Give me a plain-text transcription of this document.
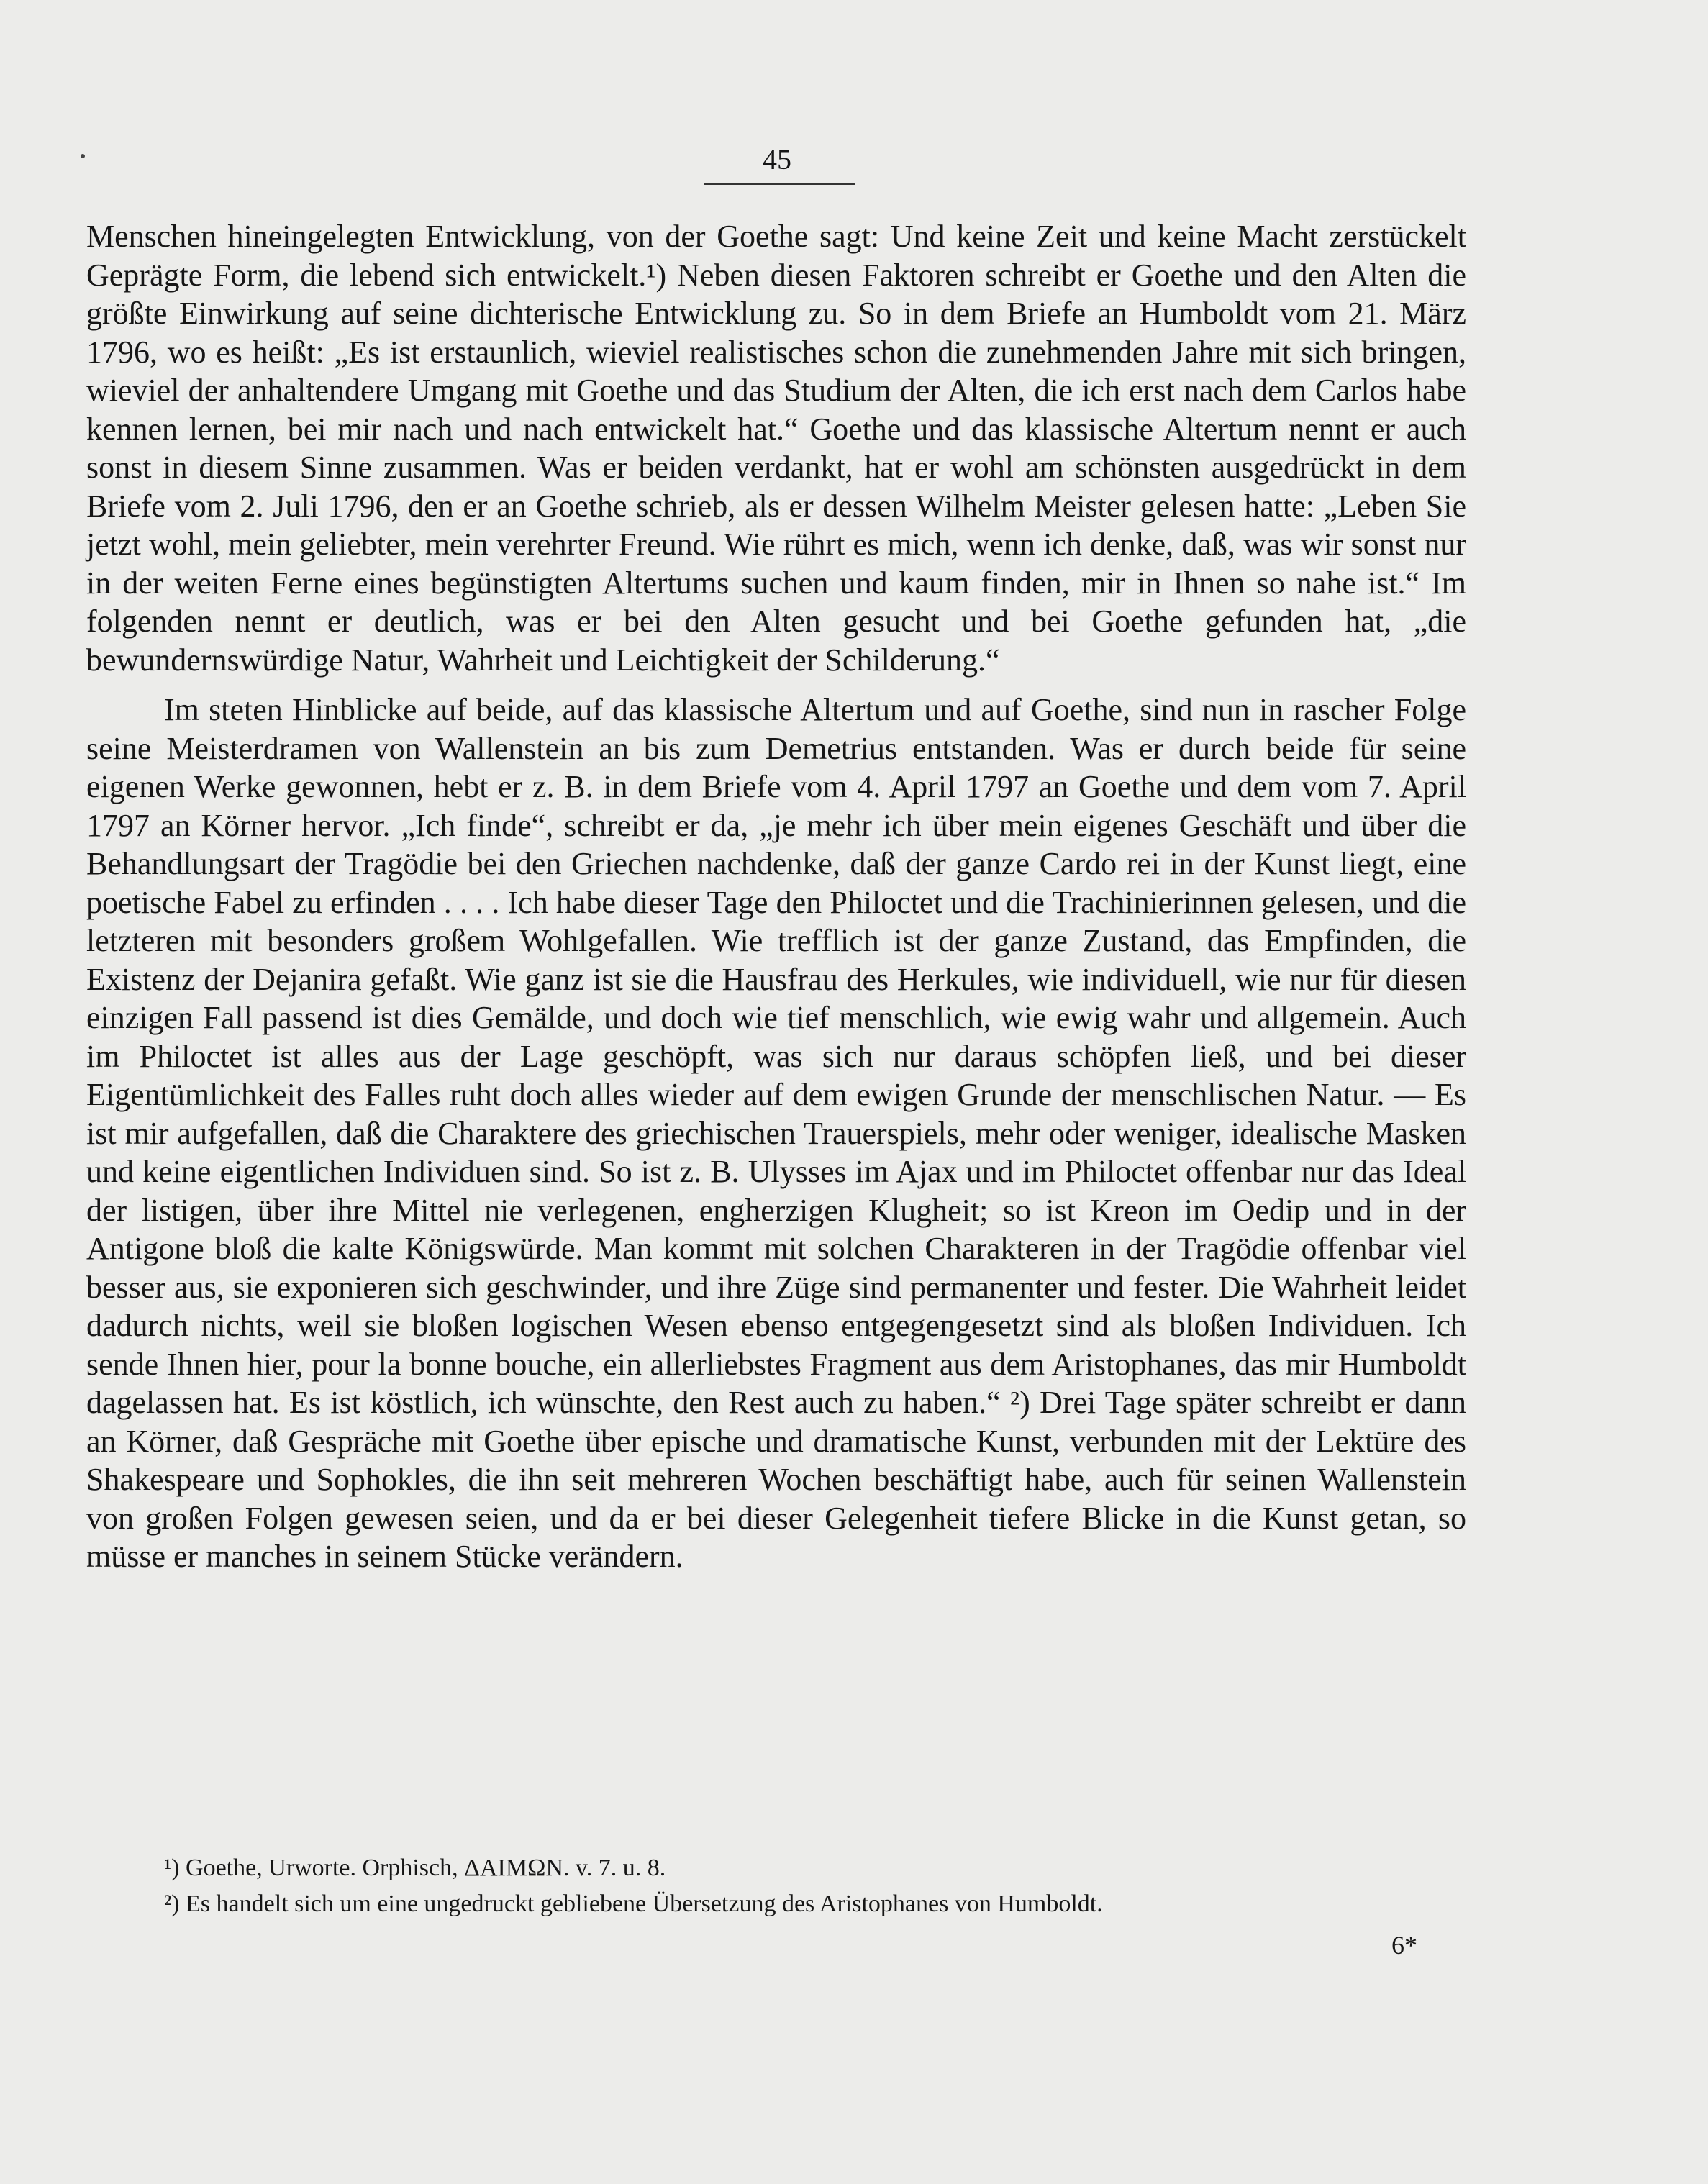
45

Menschen hineingelegten Entwicklung, von der Goethe sagt: Und keine Zeit und keine Macht zerstückelt Geprägte Form, die lebend sich entwickelt.¹) Neben diesen Faktoren schreibt er Goethe und den Alten die größte Einwirkung auf seine dichterische Entwicklung zu. So in dem Briefe an Humboldt vom 21. März 1796, wo es heißt: „Es ist erstaunlich, wieviel realistisches schon die zunehmenden Jahre mit sich bringen, wieviel der anhaltendere Umgang mit Goethe und das Studium der Alten, die ich erst nach dem Carlos habe kennen lernen, bei mir nach und nach entwickelt hat.“ Goethe und das klassische Altertum nennt er auch sonst in diesem Sinne zusammen. Was er beiden verdankt, hat er wohl am schönsten ausgedrückt in dem Briefe vom 2. Juli 1796, den er an Goethe schrieb, als er dessen Wilhelm Meister gelesen hatte: „Leben Sie jetzt wohl, mein geliebter, mein verehrter Freund. Wie rührt es mich, wenn ich denke, daß, was wir sonst nur in der weiten Ferne eines begünstigten Altertums suchen und kaum finden, mir in Ihnen so nahe ist.“ Im folgenden nennt er deutlich, was er bei den Alten gesucht und bei Goethe gefunden hat, „die bewundernswürdige Natur, Wahrheit und Leichtigkeit der Schilderung.“

Im steten Hinblicke auf beide, auf das klassische Altertum und auf Goethe, sind nun in rascher Folge seine Meisterdramen von Wallenstein an bis zum Demetrius entstanden. Was er durch beide für seine eigenen Werke gewonnen, hebt er z. B. in dem Briefe vom 4. April 1797 an Goethe und dem vom 7. April 1797 an Körner hervor. „Ich finde“, schreibt er da, „je mehr ich über mein eigenes Geschäft und über die Behandlungsart der Tragödie bei den Griechen nachdenke, daß der ganze Cardo rei in der Kunst liegt, eine poetische Fabel zu erfinden . . . . Ich habe dieser Tage den Philoctet und die Trachinierinnen gelesen, und die letzteren mit besonders großem Wohlgefallen. Wie trefflich ist der ganze Zustand, das Empfinden, die Existenz der Dejanira gefaßt. Wie ganz ist sie die Hausfrau des Herkules, wie individuell, wie nur für diesen einzigen Fall passend ist dies Gemälde, und doch wie tief menschlich, wie ewig wahr und allgemein. Auch im Philoctet ist alles aus der Lage geschöpft, was sich nur daraus schöpfen ließ, und bei dieser Eigentümlichkeit des Falles ruht doch alles wieder auf dem ewigen Grunde der menschlischen Natur. — Es ist mir aufgefallen, daß die Charaktere des griechischen Trauerspiels, mehr oder weniger, idealische Masken und keine eigentlichen Individuen sind. So ist z. B. Ulysses im Ajax und im Philoctet offenbar nur das Ideal der listigen, über ihre Mittel nie verlegenen, engherzigen Klugheit; so ist Kreon im Oedip und in der Antigone bloß die kalte Königswürde. Man kommt mit solchen Charakteren in der Tragödie offenbar viel besser aus, sie exponieren sich geschwinder, und ihre Züge sind permanenter und fester. Die Wahrheit leidet dadurch nichts, weil sie bloßen logischen Wesen ebenso entgegengesetzt sind als bloßen Individuen. Ich sende Ihnen hier, pour la bonne bouche, ein allerliebstes Fragment aus dem Aristophanes, das mir Humboldt dagelassen hat. Es ist köstlich, ich wünschte, den Rest auch zu haben.“ ²) Drei Tage später schreibt er dann an Körner, daß Gespräche mit Goethe über epische und dramatische Kunst, verbunden mit der Lektüre des Shakespeare und Sophokles, die ihn seit mehreren Wochen beschäftigt habe, auch für seinen Wallenstein von großen Folgen gewesen seien, und da er bei dieser Gelegenheit tiefere Blicke in die Kunst getan, so müsse er manches in seinem Stücke verändern.

¹) Goethe, Urworte. Orphisch, ΔΑΙΜΩΝ. v. 7. u. 8.
²) Es handelt sich um eine ungedruckt gebliebene Übersetzung des Aristophanes von Humboldt.
6*
